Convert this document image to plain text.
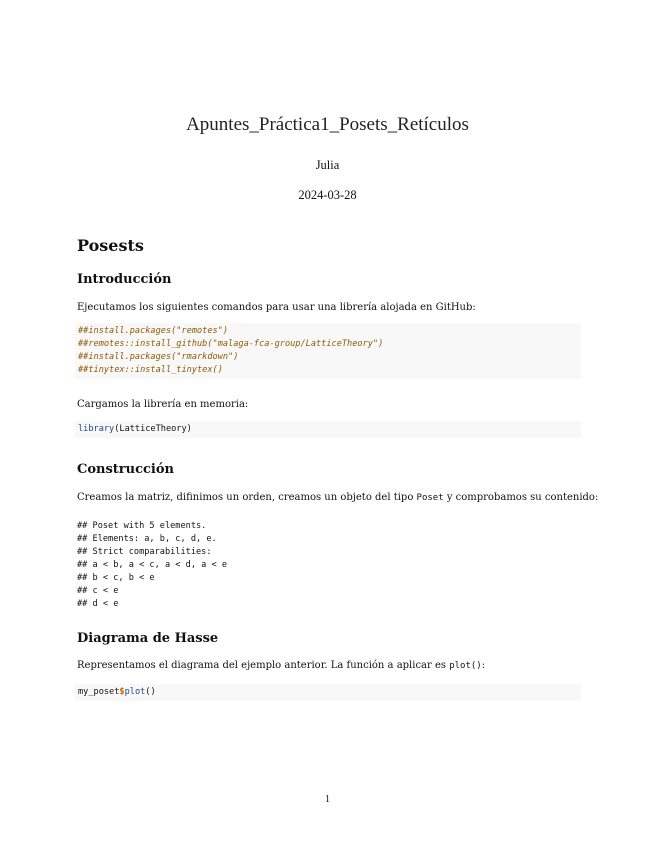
Apuntes_Práctica1_Posets_Retículos
Julia
2024-03-28
Posests
Introducción
Ejecutamos los siguientes comandos para usar una librería alojada en GitHub:
##install.packages("remotes")
##remotes::install_github("malaga-fca-group/LatticeTheory")
##install.packages("rmarkdown")
##tinytex::install_tinytex()
Cargamos la librería en memoria:
library(LatticeTheory)
Construcción
Creamos la matriz, difinimos un orden, creamos un objeto del tipo Poset y comprobamos su contenido:
## Poset with 5 elements.
## Elements: a, b, c, d, e.
## Strict comparabilities:
## a < b, a < c, a < d, a < e
## b < c, b < e
## c < e
## d < e
Diagrama de Hasse
Representamos el diagrama del ejemplo anterior. La función a aplicar es plot():
my_poset$plot()
1
